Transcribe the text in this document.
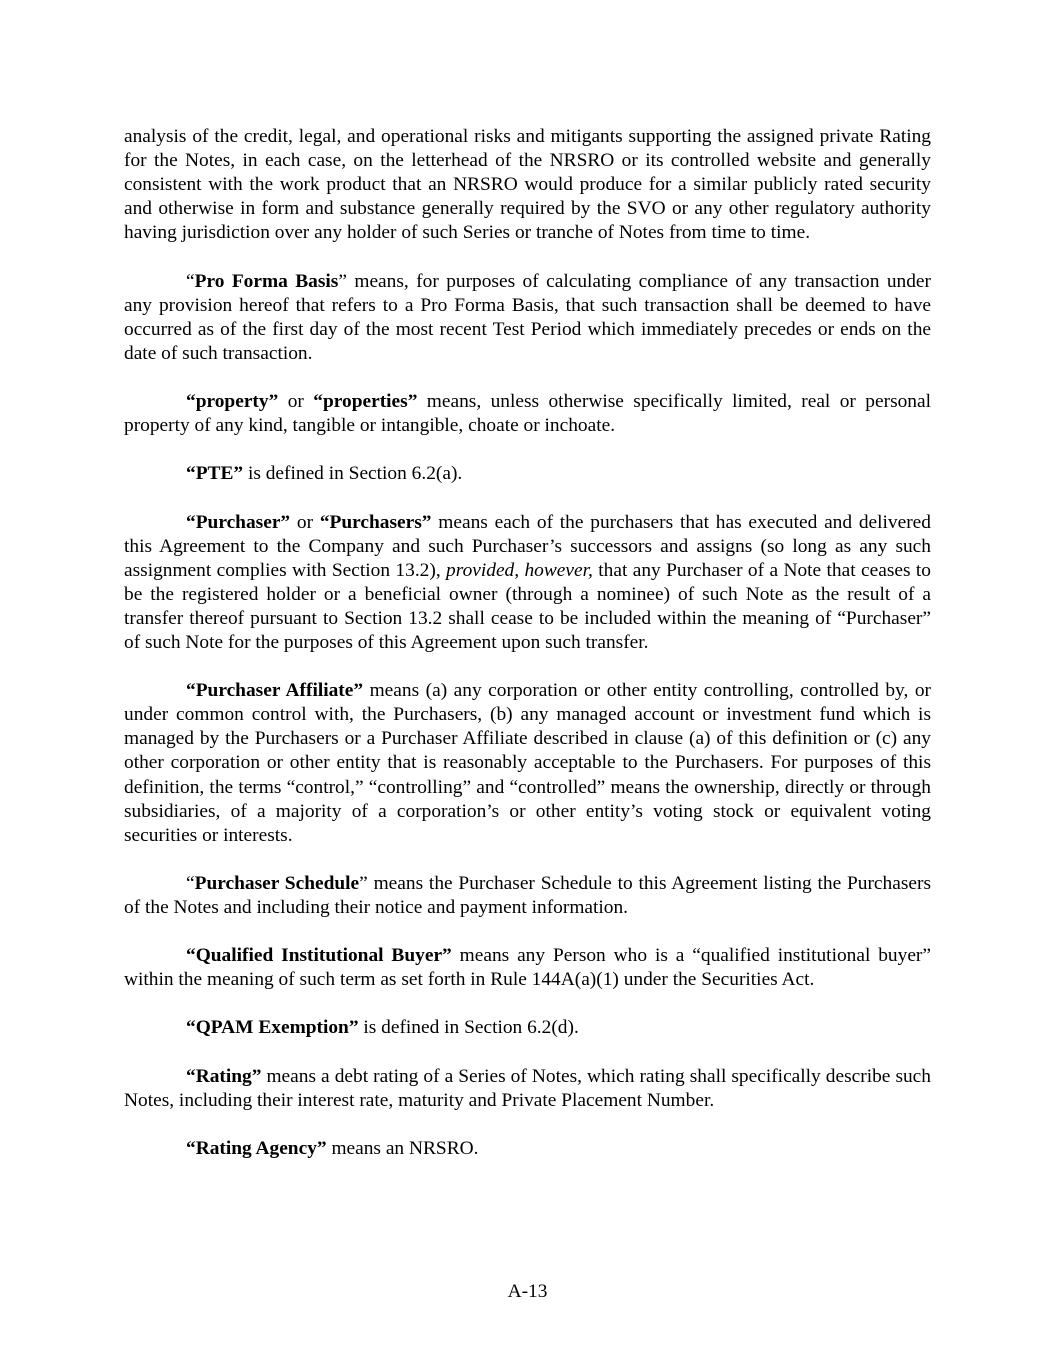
analysis of the credit, legal, and operational risks and mitigants supporting the assigned private Rating for the Notes, in each case, on the letterhead of the NRSRO or its controlled website and generally consistent with the work product that an NRSRO would produce for a similar publicly rated security and otherwise in form and substance generally required by the SVO or any other regulatory authority having jurisdiction over any holder of such Series or tranche of Notes from time to time.

“Pro Forma Basis” means, for purposes of calculating compliance of any transaction under any provision hereof that refers to a Pro Forma Basis, that such transaction shall be deemed to have occurred as of the first day of the most recent Test Period which immediately precedes or ends on the date of such transaction.

“property” or “properties” means, unless otherwise specifically limited, real or personal property of any kind, tangible or intangible, choate or inchoate.

“PTE” is defined in Section 6.2(a).

“Purchaser” or “Purchasers” means each of the purchasers that has executed and delivered this Agreement to the Company and such Purchaser’s successors and assigns (so long as any such assignment complies with Section 13.2), provided, however, that any Purchaser of a Note that ceases to be the registered holder or a beneficial owner (through a nominee) of such Note as the result of a transfer thereof pursuant to Section 13.2 shall cease to be included within the meaning of “Purchaser” of such Note for the purposes of this Agreement upon such transfer.

“Purchaser Affiliate” means (a) any corporation or other entity controlling, controlled by, or under common control with, the Purchasers, (b) any managed account or investment fund which is managed by the Purchasers or a Purchaser Affiliate described in clause (a) of this definition or (c) any other corporation or other entity that is reasonably acceptable to the Purchasers. For purposes of this definition, the terms “control,” “controlling” and “controlled” means the ownership, directly or through subsidiaries, of a majority of a corporation’s or other entity’s voting stock or equivalent voting securities or interests.

“Purchaser Schedule” means the Purchaser Schedule to this Agreement listing the Purchasers of the Notes and including their notice and payment information.

“Qualified Institutional Buyer” means any Person who is a “qualified institutional buyer” within the meaning of such term as set forth in Rule 144A(a)(1) under the Securities Act.

“QPAM Exemption” is defined in Section 6.2(d).

“Rating” means a debt rating of a Series of Notes, which rating shall specifically describe such Notes, including their interest rate, maturity and Private Placement Number.

“Rating Agency” means an NRSRO.

A-13
